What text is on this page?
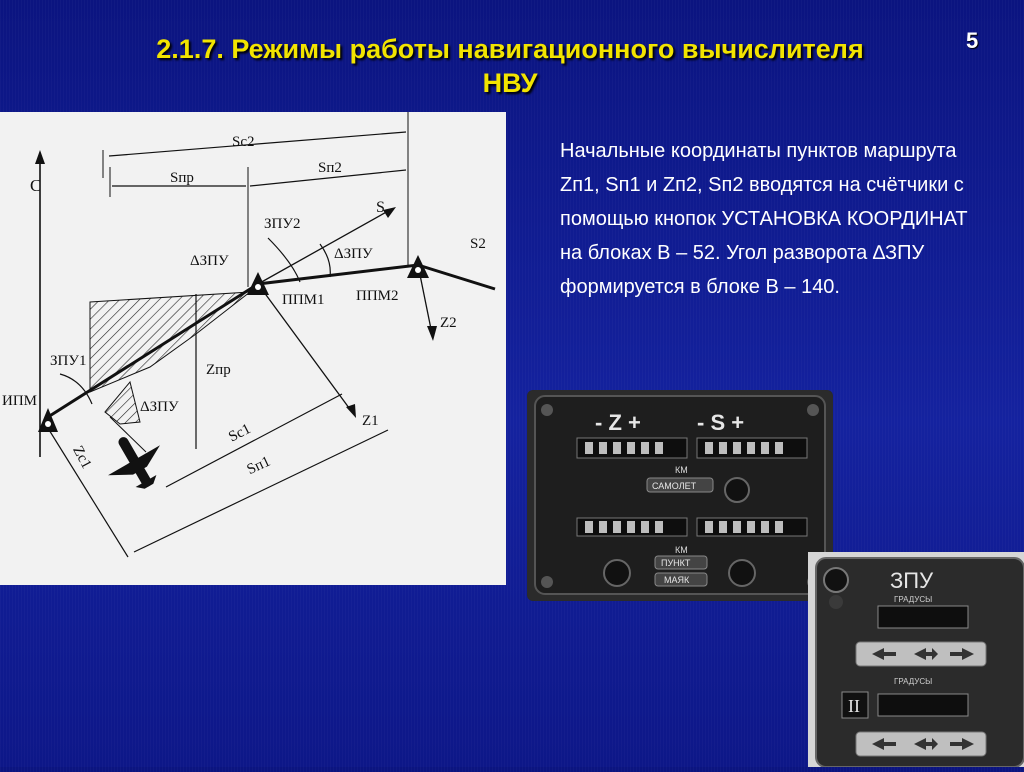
2.1.7. Режимы работы навигационного вычислителя
НВУ
5
С
Sc2
Sпр
Sп2
ЗПУ2
S
S2
ΔЗПУ	ΔЗПУ
ППМ1 ППМ2
Z2
Zпр
ЗПУ1
ИПМ	ΔЗПУ
Zc1
Sc1	Z1
Sп1
Начальные координаты пунктов маршрута Zп1, Sп1 и Zп2, Sп2 вводятся на счётчики с помощью кнопок УСТАНОВКА КООРДИНАТ на блоках В – 52. Угол разворота ∆ЗПУ формируется в блоке В – 140.
- Z +	- S +
КМ
САМОЛЕТ
КМ
ПУНКТ
МАЯК	ЗПУ
ГРАДУСЫ
ГРАДУСЫ
II
